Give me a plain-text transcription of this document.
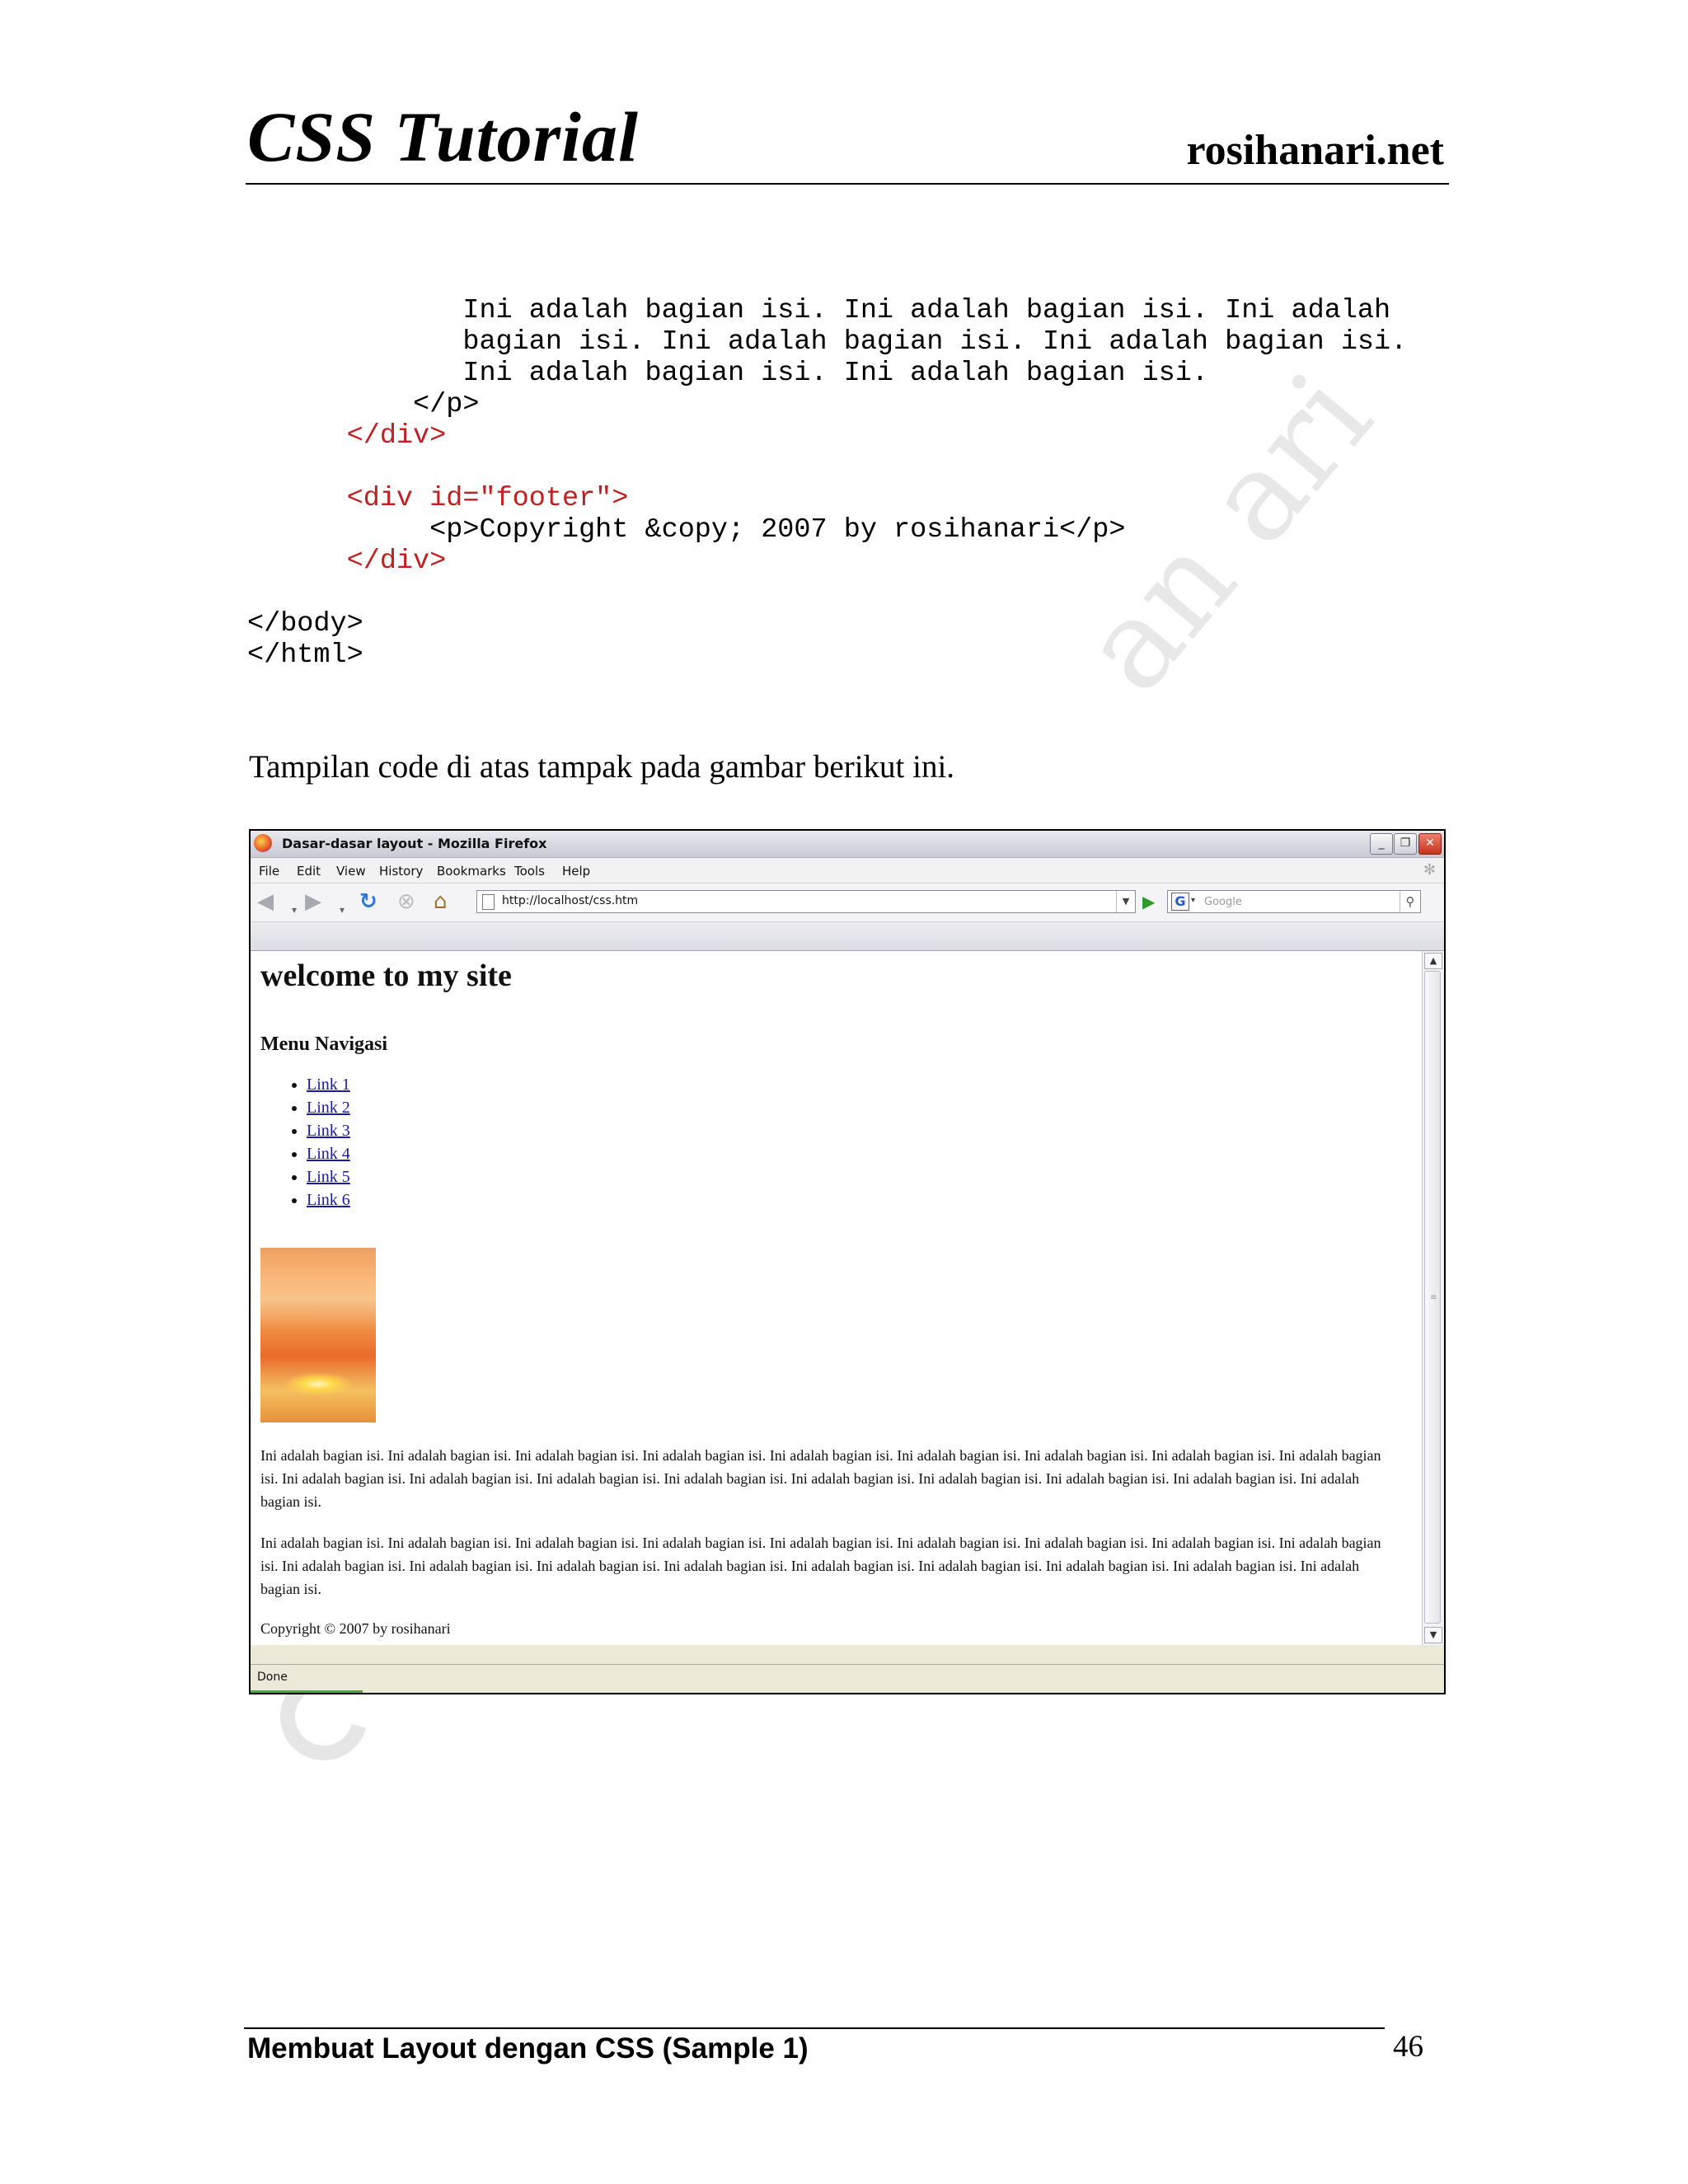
an ari
CSS Tutorial	rosihanari.net
Ini adalah bagian isi. Ini adalah bagian isi. Ini adalah
bagian isi. Ini adalah bagian isi. Ini adalah bagian isi.
Ini adalah bagian isi. Ini adalah bagian isi.
</p>
</div>

<div id="footer">
<p>Copyright &copy; 2007 by rosihanari</p>
</div>

</body>
</html>
Tampilan code di atas tampak pada gambar berikut ini.
Dasar-dasar layout - Mozilla Firefox	_	❐	✕
File Edit View History Bookmarks Tools Help	✻
◀ ▾ ▶ ▾ ↻ ⊗ ⌂	http://localhost/css.htm	▼ ▶ G ▾ Google	⚲
welcome to my site
Menu Navigasi
• Link 1
• Link 2
• Link 3
• Link 4
• Link 5
• Link 6

Ini adalah bagian isi. Ini adalah bagian isi. Ini adalah bagian isi. Ini adalah bagian isi. Ini adalah bagian isi. Ini adalah bagian isi. Ini adalah bagian isi. Ini adalah bagian isi. Ini adalah bagian isi. Ini adalah bagian isi. Ini adalah bagian isi. Ini adalah bagian isi. Ini adalah bagian isi. Ini adalah bagian isi. Ini adalah bagian isi. Ini adalah bagian isi. Ini adalah bagian isi. Ini adalah bagian isi.

Ini adalah bagian isi. Ini adalah bagian isi. Ini adalah bagian isi. Ini adalah bagian isi. Ini adalah bagian isi. Ini adalah bagian isi. Ini adalah bagian isi. Ini adalah bagian isi. Ini adalah bagian isi. Ini adalah bagian isi. Ini adalah bagian isi. Ini adalah bagian isi. Ini adalah bagian isi. Ini adalah bagian isi. Ini adalah bagian isi. Ini adalah bagian isi. Ini adalah bagian isi. Ini adalah bagian isi.

Copyright © 2007 by rosihanari

▲
≡
▼
Done
Membuat Layout dengan CSS (Sample 1)	46
